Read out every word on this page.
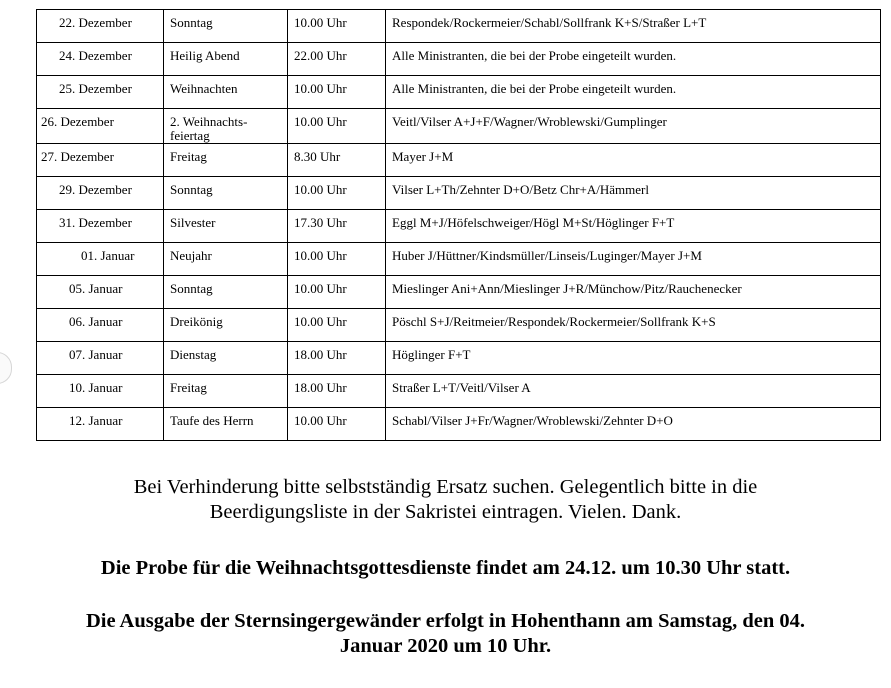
22. Dezember	Sonntag	10.00 Uhr	Respondek/Rockermeier/Schabl/Sollfrank K+S/Straßer L+T
24. Dezember	Heilig Abend	22.00 Uhr	Alle Ministranten, die bei der Probe eingeteilt wurden.
25. Dezember	Weihnachten	10.00 Uhr	Alle Ministranten, die bei der Probe eingeteilt wurden.
26. Dezember	2. Weihnachts-feiertag	10.00 Uhr	Veitl/Vilser A+J+F/Wagner/Wroblewski/Gumplinger
27. Dezember	Freitag	8.30 Uhr	Mayer J+M
29. Dezember	Sonntag	10.00 Uhr	Vilser L+Th/Zehnter D+O/Betz Chr+A/Hämmerl
31. Dezember	Silvester	17.30 Uhr	Eggl M+J/Höfelschweiger/Högl M+St/Höglinger F+T
01. Januar	Neujahr	10.00 Uhr	Huber J/Hüttner/Kindsmüller/Linseis/Luginger/Mayer J+M
05. Januar	Sonntag	10.00 Uhr	Mieslinger Ani+Ann/Mieslinger J+R/Münchow/Pitz/Rauchenecker
06. Januar	Dreikönig	10.00 Uhr	Pöschl S+J/Reitmeier/Respondek/Rockermeier/Sollfrank K+S
07. Januar	Dienstag	18.00 Uhr	Höglinger F+T
10. Januar	Freitag	18.00 Uhr	Straßer L+T/Veitl/Vilser A
12. Januar	Taufe des Herrn	10.00 Uhr	Schabl/Vilser J+Fr/Wagner/Wroblewski/Zehnter D+O
Bei Verhinderung bitte selbstständig Ersatz suchen. Gelegentlich bitte in die
Beerdigungsliste in der Sakristei eintragen. Vielen. Dank.
Die Probe für die Weihnachtsgottesdienste findet am 24.12. um 10.30 Uhr statt.
Die Ausgabe der Sternsingergewänder erfolgt in Hohenthann am Samstag, den 04.
Januar 2020 um 10 Uhr.
